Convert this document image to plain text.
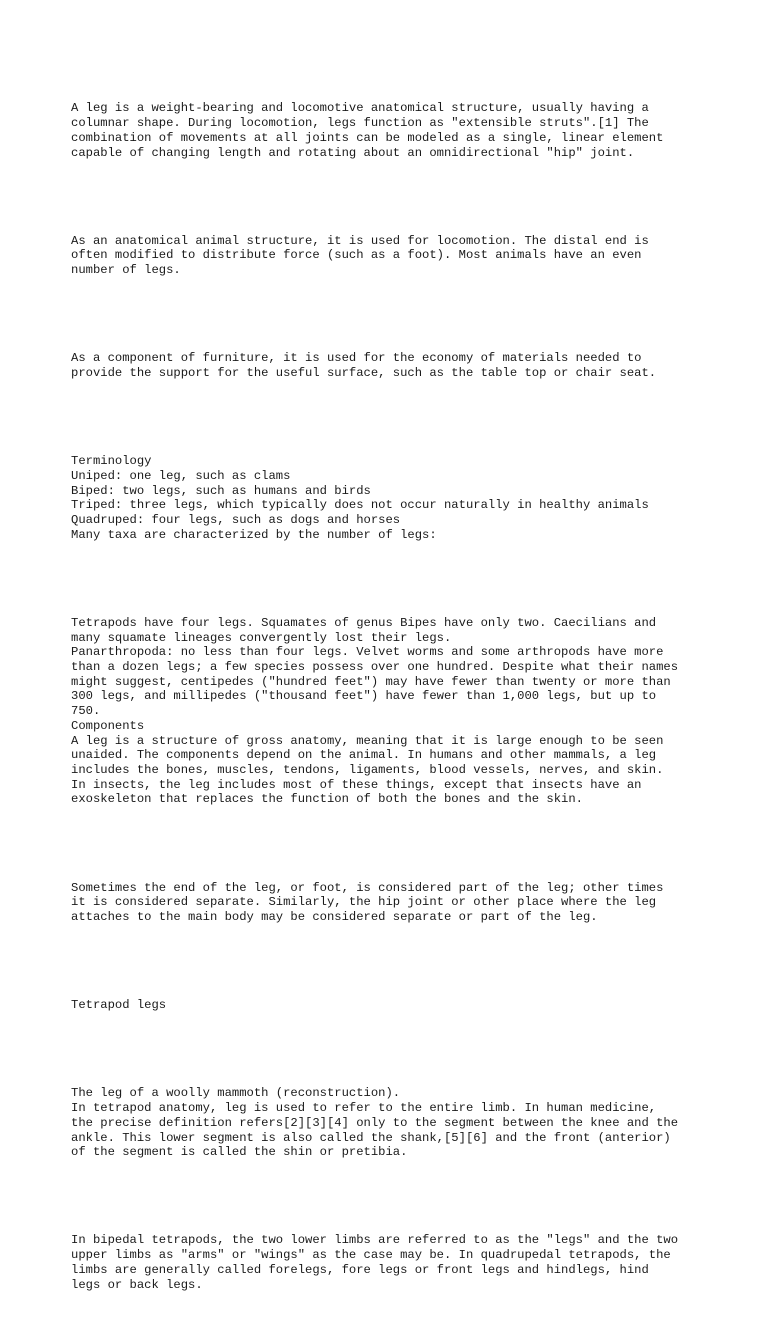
A leg is a weight-bearing and locomotive anatomical structure, usually having a
columnar shape. During locomotion, legs function as "extensible struts".[1] The
combination of movements at all joints can be modeled as a single, linear element
capable of changing length and rotating about an omnidirectional "hip" joint.

As an anatomical animal structure, it is used for locomotion. The distal end is
often modified to distribute force (such as a foot). Most animals have an even
number of legs.

As a component of furniture, it is used for the economy of materials needed to
provide the support for the useful surface, such as the table top or chair seat.

Terminology
Uniped: one leg, such as clams
Biped: two legs, such as humans and birds
Triped: three legs, which typically does not occur naturally in healthy animals
Quadruped: four legs, such as dogs and horses
Many taxa are characterized by the number of legs:

Tetrapods have four legs. Squamates of genus Bipes have only two. Caecilians and
many squamate lineages convergently lost their legs.
Panarthropoda: no less than four legs. Velvet worms and some arthropods have more
than a dozen legs; a few species possess over one hundred. Despite what their names
might suggest, centipedes ("hundred feet") may have fewer than twenty or more than
300 legs, and millipedes ("thousand feet") have fewer than 1,000 legs, but up to
750.
Components
A leg is a structure of gross anatomy, meaning that it is large enough to be seen
unaided. The components depend on the animal. In humans and other mammals, a leg
includes the bones, muscles, tendons, ligaments, blood vessels, nerves, and skin.
In insects, the leg includes most of these things, except that insects have an
exoskeleton that replaces the function of both the bones and the skin.

Sometimes the end of the leg, or foot, is considered part of the leg; other times
it is considered separate. Similarly, the hip joint or other place where the leg
attaches to the main body may be considered separate or part of the leg.

Tetrapod legs

The leg of a woolly mammoth (reconstruction).
In tetrapod anatomy, leg is used to refer to the entire limb. In human medicine,
the precise definition refers[2][3][4] only to the segment between the knee and the
ankle. This lower segment is also called the shank,[5][6] and the front (anterior)
of the segment is called the shin or pretibia.

In bipedal tetrapods, the two lower limbs are referred to as the "legs" and the two
upper limbs as "arms" or "wings" as the case may be. In quadrupedal tetrapods, the
limbs are generally called forelegs, fore legs or front legs and hindlegs, hind
legs or back legs.
